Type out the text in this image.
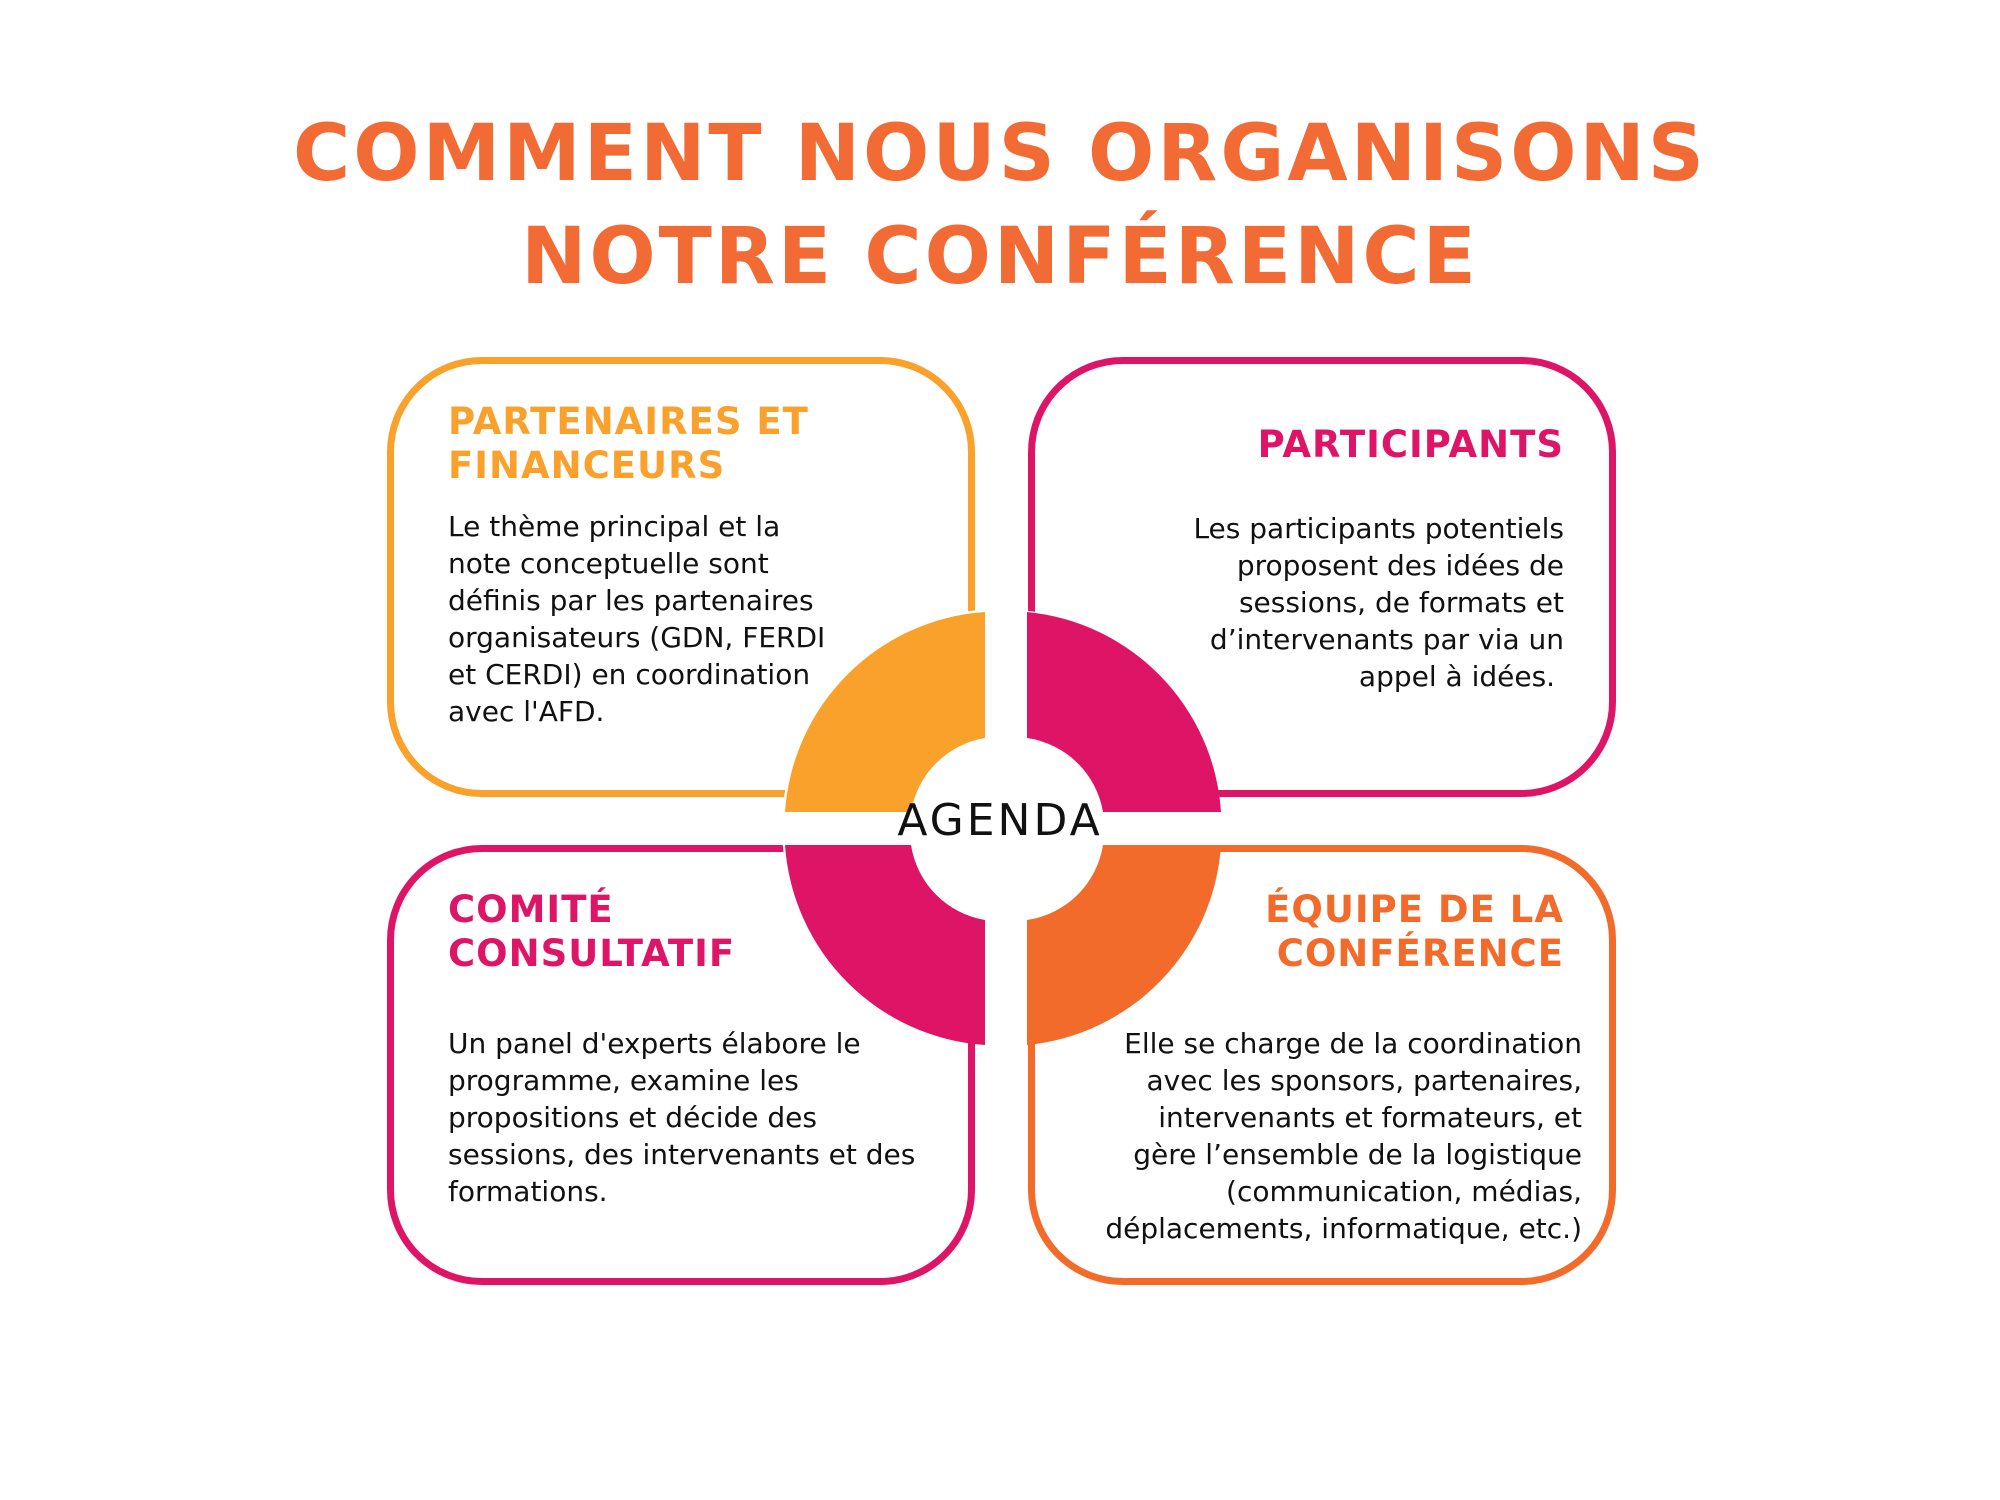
COMMENT NOUS ORGANISONS
NOTRE CONFÉRENCE
AGENDA
PARTENAIRES ET
FINANCEURS
Le thème principal et la
note conceptuelle sont
définis par les partenaires
organisateurs (GDN, FERDI
et CERDI) en coordination
avec l'AFD.
PARTICIPANTS
Les participants potentiels
proposent des idées de
sessions, de formats et
d’intervenants par via un
appel à idées.
COMITÉ
CONSULTATIF
Un panel d'experts élabore le
programme, examine les
propositions et décide des
sessions, des intervenants et des
formations.
ÉQUIPE DE LA
CONFÉRENCE
Elle se charge de la coordination
avec les sponsors, partenaires,
intervenants et formateurs, et
gère l’ensemble de la logistique
(communication, médias,
déplacements, informatique, etc.)
